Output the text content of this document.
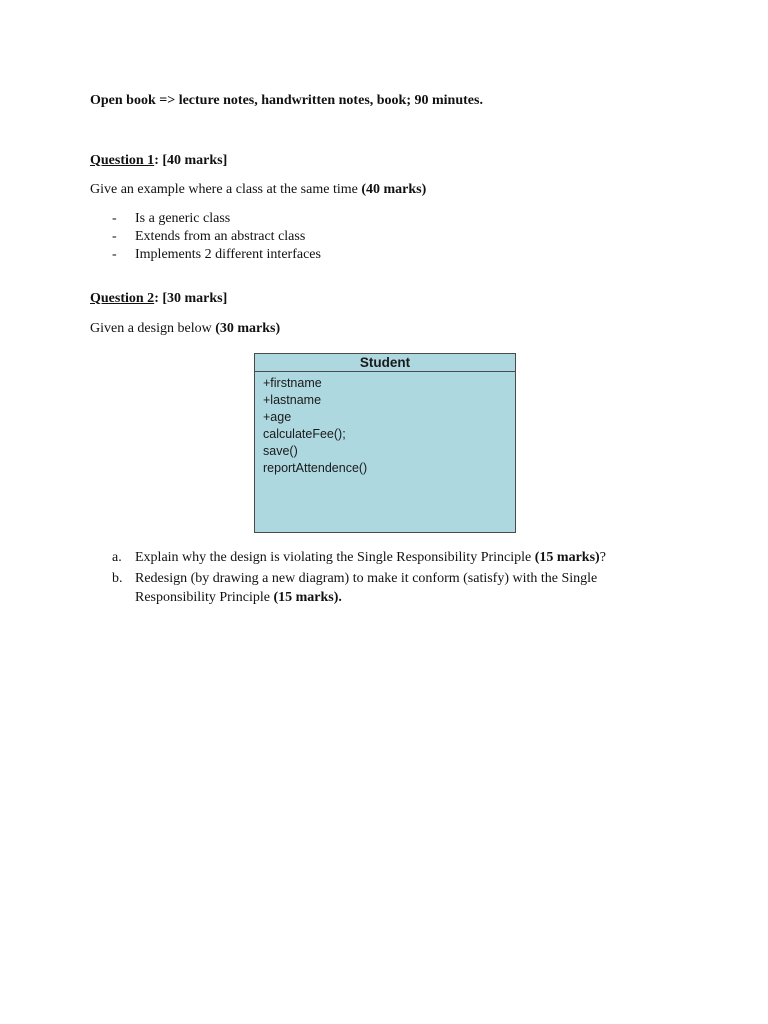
Open book => lecture notes, handwritten notes, book; 90 minutes.
Question 1: [40 marks]
Give an example where a class at the same time (40 marks)
- Is a generic class
- Extends from an abstract class
- Implements 2 different interfaces
Question 2: [30 marks]
Given a design below (30 marks)
Student
+firstname
+lastname
+age
calculateFee();
save()
reportAttendence()
a. Explain why the design is violating the Single Responsibility Principle (15 marks)?
b. Redesign (by drawing a new diagram) to make it conform (satisfy) with the Single Responsibility Principle (15 marks).
